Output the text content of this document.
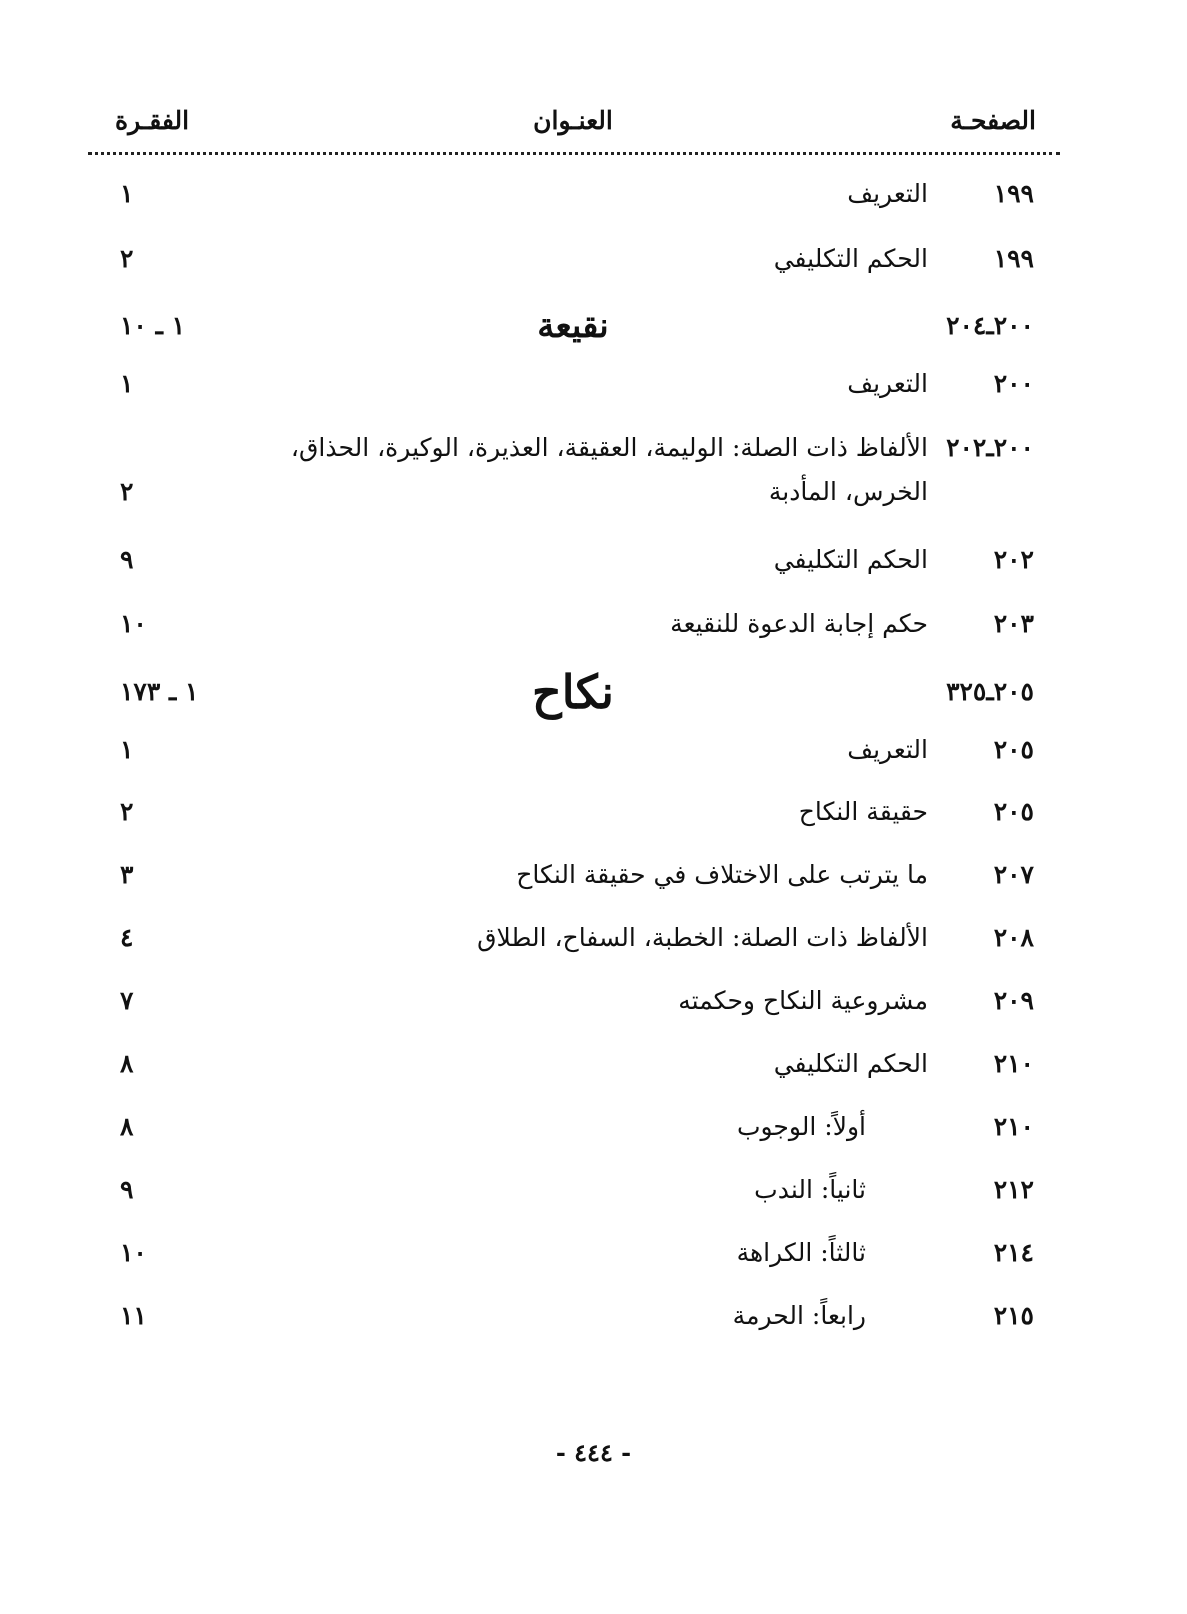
الصفحـة
العنـوان
الفقـرة
١٩٩
التعريف
١
١٩٩
الحكم التكليفي
٢
٢٠٠ـ٢٠٤
نقيعة
١ ـ ١٠
٢٠٠
التعريف
١
٢٠٠ـ٢٠٢
الألفاظ ذات الصلة: الوليمة، العقيقة، العذيرة، الوكيرة، الحذاق،
الخرس، المأدبة
٢
٢٠٢
الحكم التكليفي
٩
٢٠٣
حكم إجابة الدعوة للنقيعة
١٠
٢٠٥ـ٣٢٥
نكاح
١ ـ ١٧٣
٢٠٥
التعريف
١
٢٠٥
حقيقة النكاح
٢
٢٠٧
ما يترتب على الاختلاف في حقيقة النكاح
٣
٢٠٨
الألفاظ ذات الصلة: الخطبة، السفاح، الطلاق
٤
٢٠٩
مشروعية النكاح وحكمته
٧
٢١٠
الحكم التكليفي
٨
٢١٠
أولاً: الوجوب
٨
٢١٢
ثانياً: الندب
٩
٢١٤
ثالثاً: الكراهة
١٠
٢١٥
رابعاً: الحرمة
١١
- ٤٤٤ -
